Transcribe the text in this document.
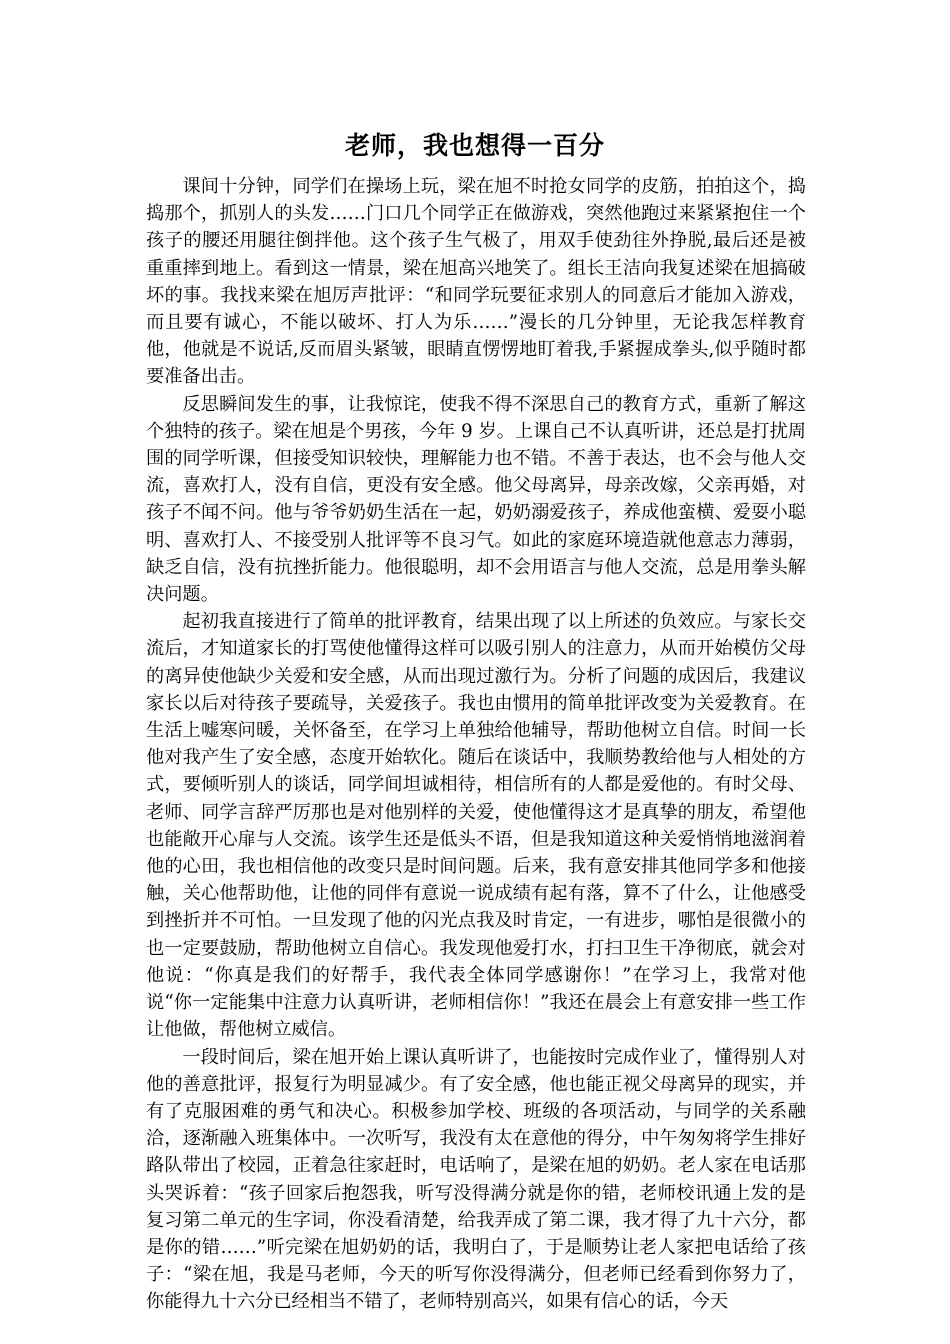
老师，我也想得一百分

课间十分钟，同学们在操场上玩，梁在旭不时抢女同学的皮筋，拍拍这个，捣捣那个，抓别人的头发……门口几个同学正在做游戏，突然他跑过来紧紧抱住一个孩子的腰还用腿往倒拌他。这个孩子生气极了，用双手使劲往外挣脱,最后还是被重重摔到地上。看到这一情景，梁在旭高兴地笑了。组长王洁向我复述梁在旭搞破坏的事。我找来梁在旭厉声批评：“和同学玩要征求别人的同意后才能加入游戏，而且要有诚心，不能以破坏、打人为乐……”漫长的几分钟里，无论我怎样教育他，他就是不说话,反而眉头紧皱，眼睛直愣愣地盯着我,手紧握成拳头,似乎随时都要准备出击。

反思瞬间发生的事，让我惊诧，使我不得不深思自己的教育方式，重新了解这个独特的孩子。梁在旭是个男孩，今年 9 岁。上课自己不认真听讲，还总是打扰周围的同学听课，但接受知识较快，理解能力也不错。不善于表达，也不会与他人交流，喜欢打人，没有自信，更没有安全感。他父母离异，母亲改嫁，父亲再婚，对孩子不闻不问。他与爷爷奶奶生活在一起，奶奶溺爱孩子，养成他蛮横、爱耍小聪明、喜欢打人、不接受别人批评等不良习气。如此的家庭环境造就他意志力薄弱，缺乏自信，没有抗挫折能力。他很聪明，却不会用语言与他人交流，总是用拳头解决问题。

起初我直接进行了简单的批评教育，结果出现了以上所述的负效应。与家长交流后，才知道家长的打骂使他懂得这样可以吸引别人的注意力，从而开始模仿父母的离异使他缺少关爱和安全感，从而出现过激行为。分析了问题的成因后，我建议家长以后对待孩子要疏导，关爱孩子。我也由惯用的简单批评改变为关爱教育。在生活上嘘寒问暖，关怀备至，在学习上单独给他辅导，帮助他树立自信。时间一长他对我产生了安全感，态度开始软化。随后在谈话中，我顺势教给他与人相处的方式，要倾听别人的谈话，同学间坦诚相待，相信所有的人都是爱他的。有时父母、老师、同学言辞严厉那也是对他别样的关爱，使他懂得这才是真挚的朋友，希望他也能敞开心扉与人交流。该学生还是低头不语，但是我知道这种关爱悄悄地滋润着他的心田，我也相信他的改变只是时间问题。后来，我有意安排其他同学多和他接触，关心他帮助他，让他的同伴有意说一说成绩有起有落，算不了什么，让他感受到挫折并不可怕。一旦发现了他的闪光点我及时肯定，一有进步，哪怕是很微小的也一定要鼓励，帮助他树立自信心。我发现他爱打水，打扫卫生干净彻底，就会对他说：“你真是我们的好帮手，我代表全体同学感谢你！”在学习上，我常对他说“你一定能集中注意力认真听讲，老师相信你！”我还在晨会上有意安排一些工作让他做，帮他树立威信。

一段时间后，梁在旭开始上课认真听讲了，也能按时完成作业了，懂得别人对他的善意批评，报复行为明显减少。有了安全感，他也能正视父母离异的现实，并有了克服困难的勇气和决心。积极参加学校、班级的各项活动，与同学的关系融洽，逐渐融入班集体中。一次听写，我没有太在意他的得分，中午匆匆将学生排好路队带出了校园，正着急往家赶时，电话响了，是梁在旭的奶奶。老人家在电话那头哭诉着：“孩子回家后抱怨我，听写没得满分就是你的错，老师校讯通上发的是复习第二单元的生字词，你没看清楚，给我弄成了第二课，我才得了九十六分，都是你的错……”听完梁在旭奶奶的话，我明白了，于是顺势让老人家把电话给了孩子：“梁在旭，我是马老师，今天的听写你没得满分，但老师已经看到你努力了，你能得九十六分已经相当不错了，老师特别高兴，如果有信心的话，今天
